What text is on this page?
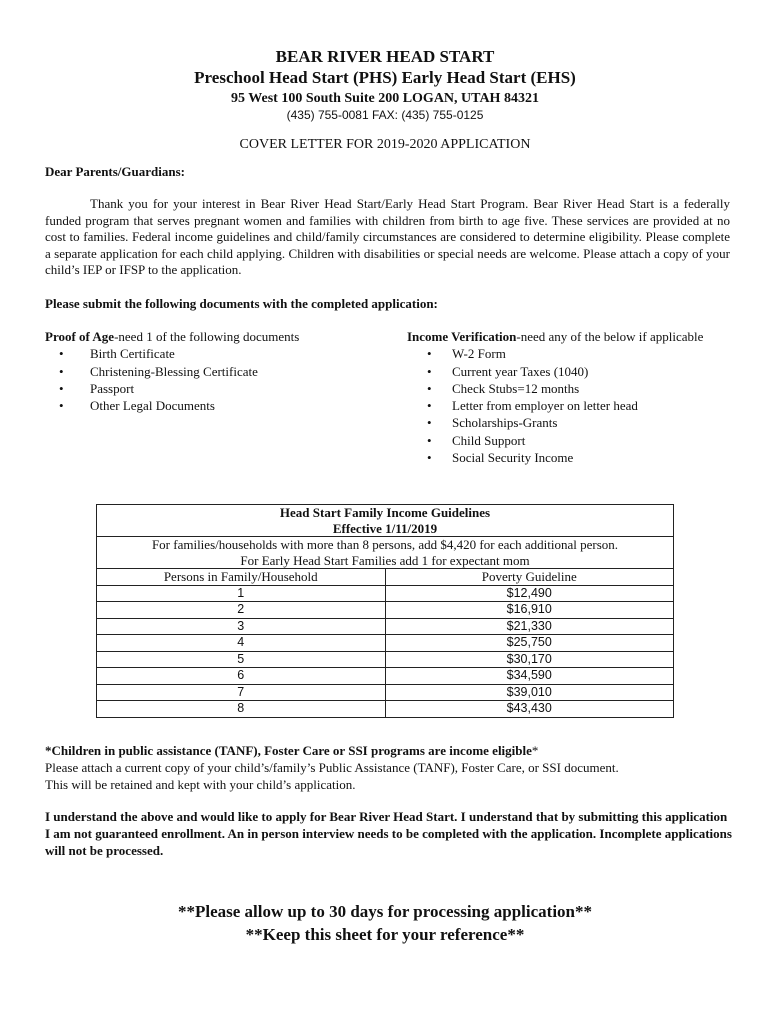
BEAR RIVER HEAD START
Preschool Head Start (PHS) Early Head Start (EHS)
95 West 100 South Suite 200 LOGAN, UTAH 84321
(435) 755-0081 FAX: (435) 755-0125
COVER LETTER FOR 2019-2020 APPLICATION
Dear Parents/Guardians:

Thank you for your interest in Bear River Head Start/Early Head Start Program. Bear River Head Start is a federally funded program that serves pregnant women and families with children from birth to age five. These services are provided at no cost to families. Federal income guidelines and child/family circumstances are considered to determine eligibility. Please complete a separate application for each child applying. Children with disabilities or special needs are welcome. Please attach a copy of your child’s IEP or IFSP to the application.

Please submit the following documents with the completed application:
Proof of Age-need 1 of the following documents
• Birth Certificate
• Christening-Blessing Certificate
• Passport
• Other Legal Documents
Income Verification-need any of the below if applicable
• W-2 Form
• Current year Taxes (1040)
• Check Stubs=12 months
• Letter from employer on letter head
• Scholarships-Grants
• Child Support
• Social Security Income
Head Start Family Income Guidelines
Effective 1/11/2019	

For families/households with more than 8 persons, add $4,420 for each additional person.	
For Early Head Start Families add 1 for expectant mom	
Persons in Family/Household	Poverty Guideline
1	$12,490
2	$16,910
3	$21,330
4	$25,750
5	$30,170
6	$34,590
7	$39,010
8	$43,430
*Children in public assistance (TANF), Foster Care or SSI programs are income eligible*
Please attach a current copy of your child’s/family’s Public Assistance (TANF), Foster Care, or SSI document.
This will be retained and kept with your child’s application.
I understand the above and would like to apply for Bear River Head Start. I understand that by submitting this application I am not guaranteed enrollment. An in person interview needs to be completed with the application. Incomplete applications will not be processed.
**Please allow up to 30 days for processing application**
**Keep this sheet for your reference**
